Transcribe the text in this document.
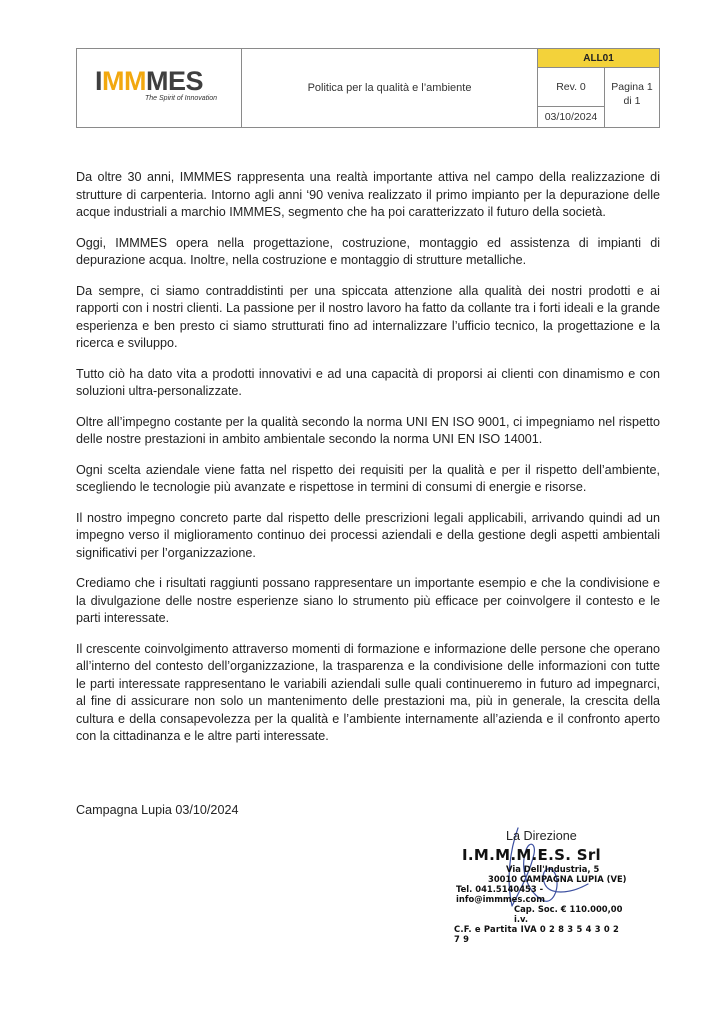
IMMMES
The Spirit of Innovation
Politica per la qualità e l’ambiente
ALL01
Rev. 0
03/10/2024
Pagina 1
di 1

Da oltre 30 anni, IMMMES rappresenta una realtà importante attiva nel campo della realizzazione di strutture di carpenteria. Intorno agli anni ‘90 veniva realizzato il primo impianto per la depurazione delle acque industriali a marchio IMMMES, segmento che ha poi caratterizzato il futuro della società.

Oggi, IMMMES opera nella progettazione, costruzione, montaggio ed assistenza di impianti di depurazione acqua. Inoltre, nella costruzione e montaggio di strutture metalliche.

Da sempre, ci siamo contraddistinti per una spiccata attenzione alla qualità dei nostri prodotti e ai rapporti con i nostri clienti. La passione per il nostro lavoro ha fatto da collante tra i forti ideali e la grande esperienza e ben presto ci siamo strutturati fino ad internalizzare l’ufficio tecnico, la progettazione e la ricerca e sviluppo.

Tutto ciò ha dato vita a prodotti innovativi e ad una capacità di proporsi ai clienti con dinamismo e con soluzioni ultra-personalizzate.

Oltre all’impegno costante per la qualità secondo la norma UNI EN ISO 9001, ci impegniamo nel rispetto delle nostre prestazioni in ambito ambientale secondo la norma UNI EN ISO 14001.

Ogni scelta aziendale viene fatta nel rispetto dei requisiti per la qualità e per il rispetto dell’ambiente, scegliendo le tecnologie più avanzate e rispettose in termini di consumi di energie e risorse.

Il nostro impegno concreto parte dal rispetto delle prescrizioni legali applicabili, arrivando quindi ad un impegno verso il miglioramento continuo dei processi aziendali e della gestione degli aspetti ambientali significativi per l’organizzazione.

Crediamo che i risultati raggiunti possano rappresentare un importante esempio e che la condivisione e la divulgazione delle nostre esperienze siano lo strumento più efficace per coinvolgere il contesto e le parti interessate.

Il crescente coinvolgimento attraverso momenti di formazione e informazione delle persone che operano all’interno del contesto dell’organizzazione, la trasparenza e la condivisione delle informazioni con tutte le parti interessate rappresentano le variabili aziendali sulle quali continueremo in futuro ad impegnarci, al fine di assicurare non solo un mantenimento delle prestazioni ma, più in generale, la crescita della cultura e della consapevolezza per la qualità e l’ambiente internamente all’azienda e il confronto aperto con la cittadinanza e le altre parti interessate.

Campagna Lupia 03/10/2024
La Direzione
I.M.M.M.E.S. Srl
Via Dell'Industria, 5
30010 CAMPAGNA LUPIA (VE)
Tel. 041.5140453 - info@immmes.com
Cap. Soc. € 110.000,00 i.v.
C.F. e Partita IVA 0 2 8 3 5 4 3 0 2 7 9
